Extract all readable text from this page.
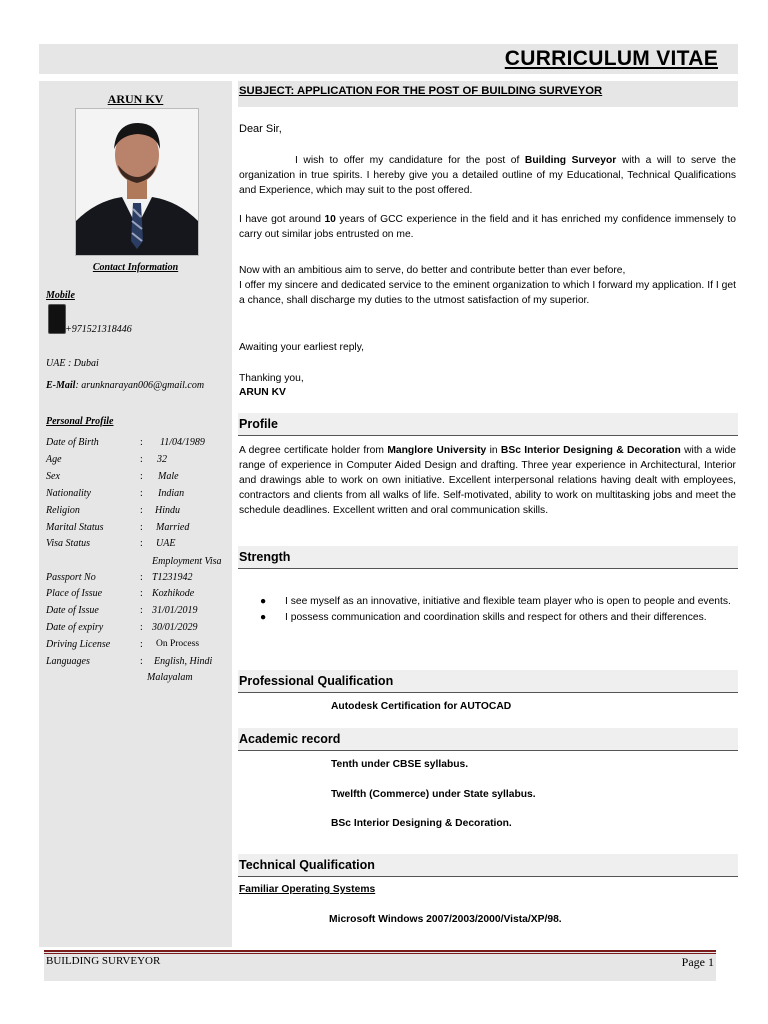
CURRICULUM VITAE
ARUN KV
Contact Information
Mobile
+971521318446
UAE : Dubai
E-Mail: arunknarayan006@gmail.com
Personal Profile
Date of Birth	: 11/04/1989
Age	: 32
Sex	: Male
Nationality	: Indian
Religion	: Hindu
Marital Status	: Married
Visa Status	: UAE
Employment Visa
Passport No	: T1231942
Place of Issue	: Kozhikode
Date of Issue	: 31/01/2019
Date of expiry	: 30/01/2029
Driving License	: On Process
Languages	: English, Hindi
Malayalam
SUBJECT: APPLICATION FOR THE POST OF BUILDING SURVEYOR
Dear Sir,
I wish to offer my candidature for the post of Building Surveyor with a will to serve the organization in true spirits. I hereby give you a detailed outline of my Educational, Technical Qualifications and Experience, which may suit to the post offered.
I have got around 10 years of GCC experience in the field and it has enriched my confidence immensely to carry out similar jobs entrusted on me.
Now with an ambitious aim to serve, do better and contribute better than ever before,
I offer my sincere and dedicated service to the eminent organization to which I forward my application. If I get a chance, shall discharge my duties to the utmost satisfaction of my superior.
Awaiting your earliest reply,
Thanking you,
ARUN KV
Profile
A degree certificate holder from Manglore University in BSc Interior Designing & Decoration with a wide range of experience in Computer Aided Design and drafting. Three year experience in Architectural, Interior and drawings able to work on own initiative. Excellent interpersonal relations having dealt with employees, contractors and clients from all walks of life. Self-motivated, ability to work on multitasking jobs and meet the schedule deadlines. Excellent written and oral communication skills.
Strength
● I see myself as an innovative, initiative and flexible team player who is open to people and events.
● I possess communication and coordination skills and respect for others and their differences.
Professional Qualification
Autodesk Certification for AUTOCAD
Academic record
Tenth under CBSE syllabus.
Twelfth (Commerce) under State syllabus.
BSc Interior Designing & Decoration.
Technical Qualification
Familiar Operating Systems
Microsoft Windows 2007/2003/2000/Vista/XP/98.
BUILDING SURVEYOR	Page 1
